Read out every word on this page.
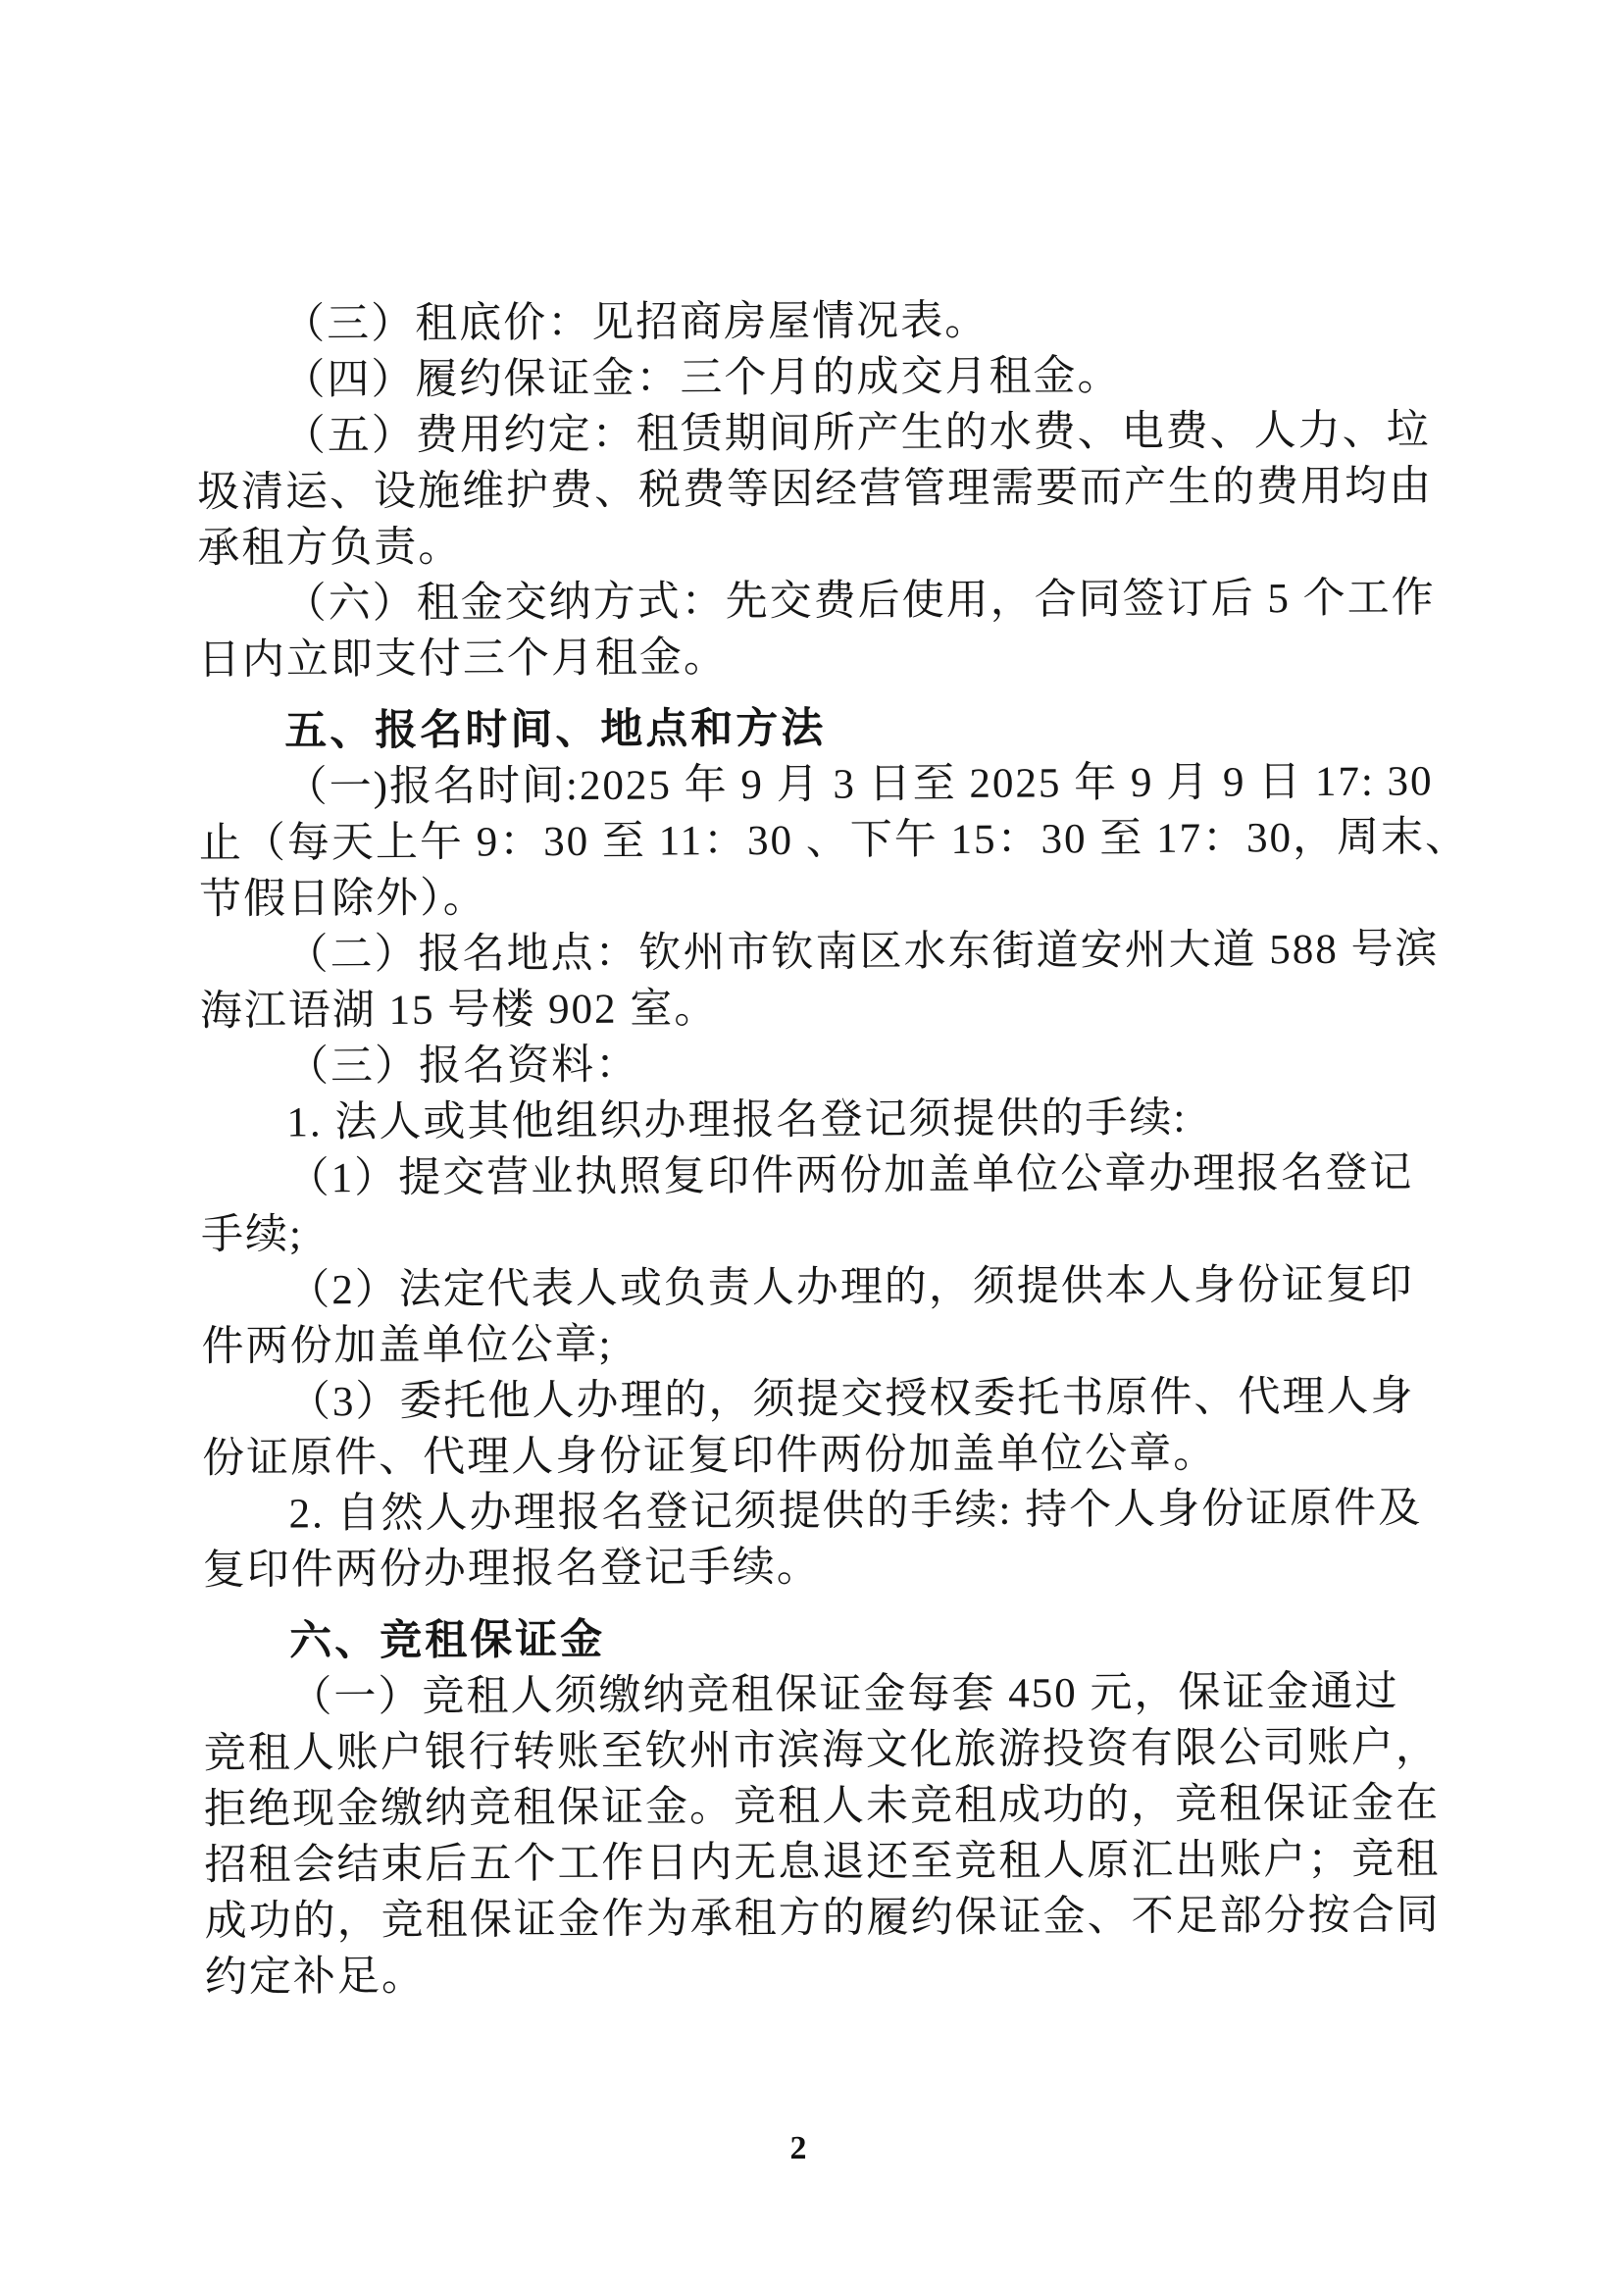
（三）租底价：见招商房屋情况表。
（四）履约保证金：三个月的成交月租金。
（五）费用约定：租赁期间所产生的水费、电费、人力、垃
圾清运、设施维护费、税费等因经营管理需要而产生的费用均由
承租方负责。
（六）租金交纳方式：先交费后使用，合同签订后 5 个工作
日内立即支付三个月租金。
五、报名时间、地点和方法
（一)报名时间:2025 年 9 月 3 日至 2025 年 9 月 9 日 17: 30
止（每天上午 9：30 至 11：30 、下午 15：30 至 17：30，周末、
节假日除外）。
（二）报名地点：钦州市钦南区水东街道安州大道 588 号滨
海江语湖 15 号楼 902 室。
（三）报名资料：
1. 法人或其他组织办理报名登记须提供的手续:
（1）提交营业执照复印件两份加盖单位公章办理报名登记
手续;
（2）法定代表人或负责人办理的，须提供本人身份证复印
件两份加盖单位公章;
（3）委托他人办理的，须提交授权委托书原件、代理人身
份证原件、代理人身份证复印件两份加盖单位公章。
2. 自然人办理报名登记须提供的手续: 持个人身份证原件及
复印件两份办理报名登记手续。
六、竞租保证金
（一）竞租人须缴纳竞租保证金每套 450 元，保证金通过
竞租人账户银行转账至钦州市滨海文化旅游投资有限公司账户，
拒绝现金缴纳竞租保证金。竞租人未竞租成功的，竞租保证金在
招租会结束后五个工作日内无息退还至竞租人原汇出账户；竞租
成功的，竞租保证金作为承租方的履约保证金、不足部分按合同
约定补足。
2
